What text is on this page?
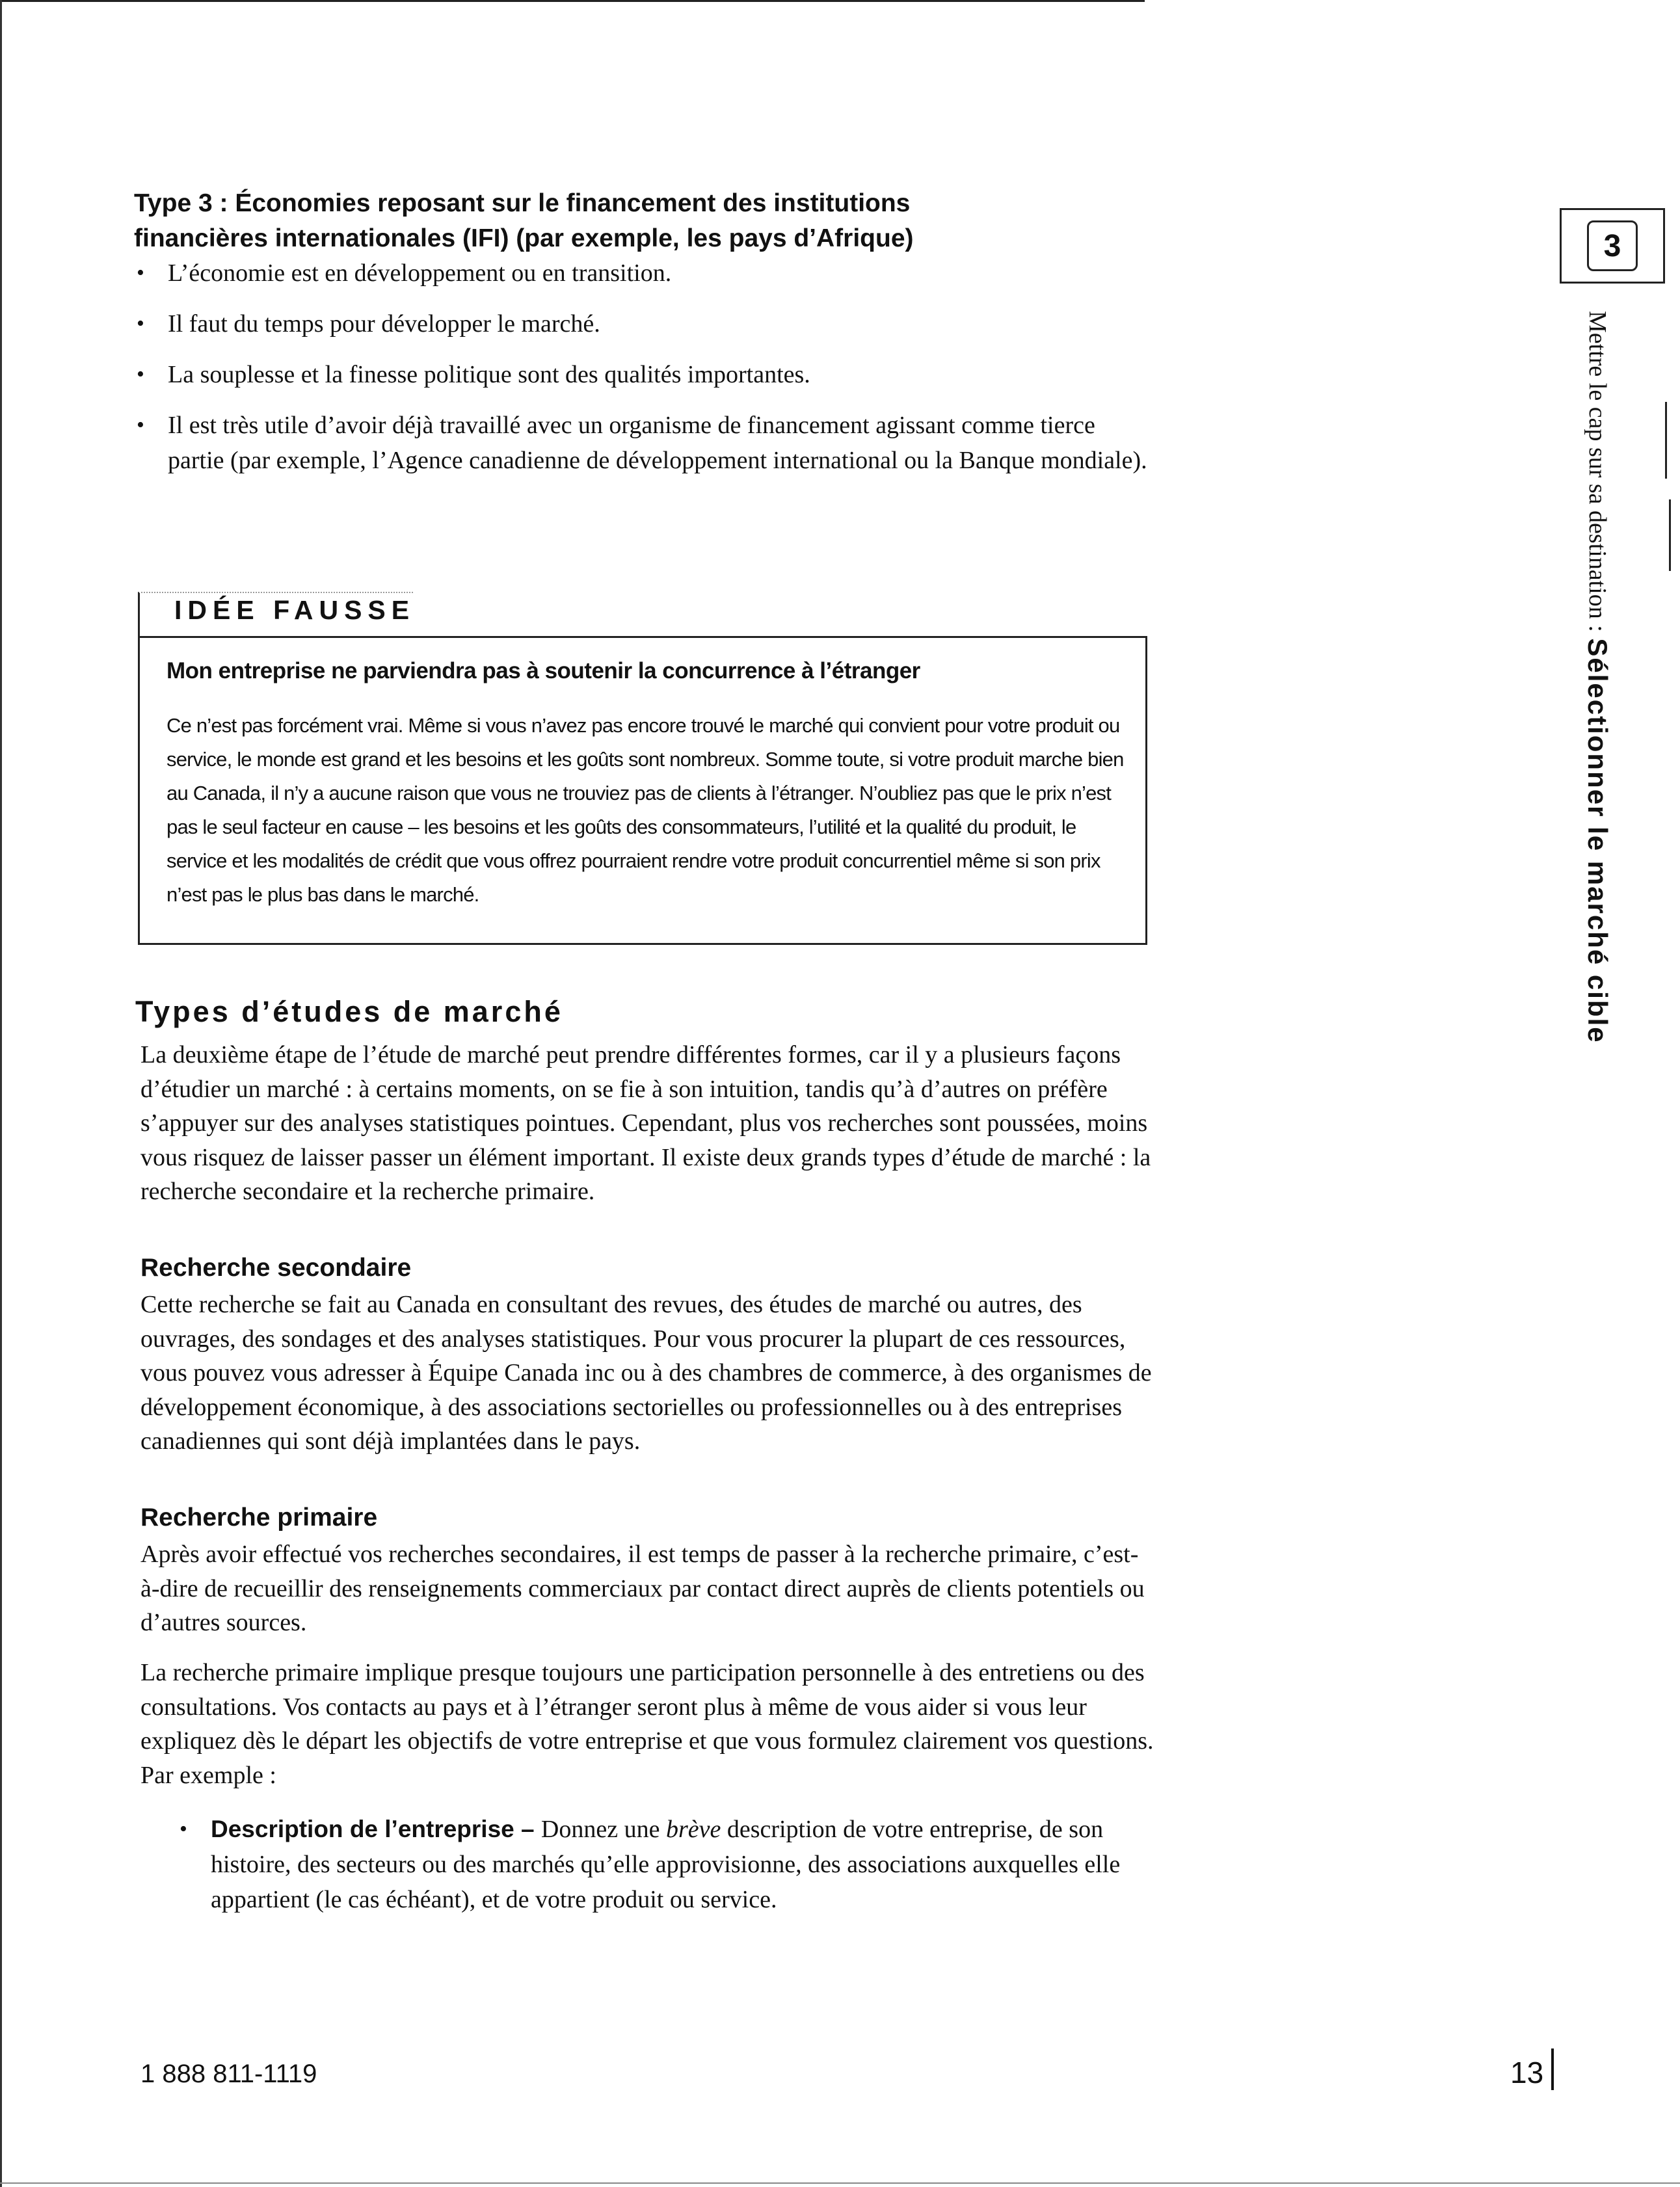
Type 3 : Économies reposant sur le financement des institutions
financières internationales (IFI) (par exemple, les pays d’Afrique)
• L’économie est en développement ou en transition.
• Il faut du temps pour développer le marché.
• La souplesse et la finesse politique sont des qualités importantes.
• Il est très utile d’avoir déjà travaillé avec un organisme de financement agissant comme tierce partie (par exemple, l’Agence canadienne de développement international ou la Banque mondiale).

IDÉE FAUSSE

Mon entreprise ne parviendra pas à soutenir la concurrence à l’étranger

Ce n’est pas forcément vrai. Même si vous n’avez pas encore trouvé le marché qui convient pour votre produit ou service, le monde est grand et les besoins et les goûts sont nombreux. Somme toute, si votre produit marche bien au Canada, il n’y a aucune raison que vous ne trouviez pas de clients à l’étranger. N’oubliez pas que le prix n’est pas le seul facteur en cause – les besoins et les goûts des consommateurs, l’utilité et la qualité du produit, le service et les modalités de crédit que vous offrez pourraient rendre votre produit concurrentiel même si son prix n’est pas le plus bas dans le marché.

Types d’études de marché

La deuxième étape de l’étude de marché peut prendre différentes formes, car il y a plusieurs façons d’étudier un marché : à certains moments, on se fie à son intuition, tandis qu’à d’autres on préfère s’appuyer sur des analyses statistiques pointues. Cependant, plus vos recherches sont poussées, moins vous risquez de laisser passer un élément important. Il existe deux grands types d’étude de marché : la recherche secondaire et la recherche primaire.

Recherche secondaire

Cette recherche se fait au Canada en consultant des revues, des études de marché ou autres, des ouvrages, des sondages et des analyses statistiques. Pour vous procurer la plupart de ces ressources, vous pouvez vous adresser à Équipe Canada inc ou à des chambres de commerce, à des organismes de développement économique, à des associations sectorielles ou professionnelles ou à des entreprises canadiennes qui sont déjà implantées dans le pays.

Recherche primaire

Après avoir effectué vos recherches secondaires, il est temps de passer à la recherche primaire, c’est-à-dire de recueillir des renseignements commerciaux par contact direct auprès de clients potentiels ou d’autres sources.

La recherche primaire implique presque toujours une participation personnelle à des entretiens ou des consultations. Vos contacts au pays et à l’étranger seront plus à même de vous aider si vous leur expliquez dès le départ les objectifs de votre entreprise et que vous formulez clairement vos questions. Par exemple :

• Description de l’entreprise – Donnez une brève description de votre entreprise, de son histoire, des secteurs ou des marchés qu’elle approvisionne, des associations auxquelles elle appartient (le cas échéant), et de votre produit ou service.

1 888 811-1119	13

3

Mettre le cap sur sa destination : Sélectionner le marché cible
